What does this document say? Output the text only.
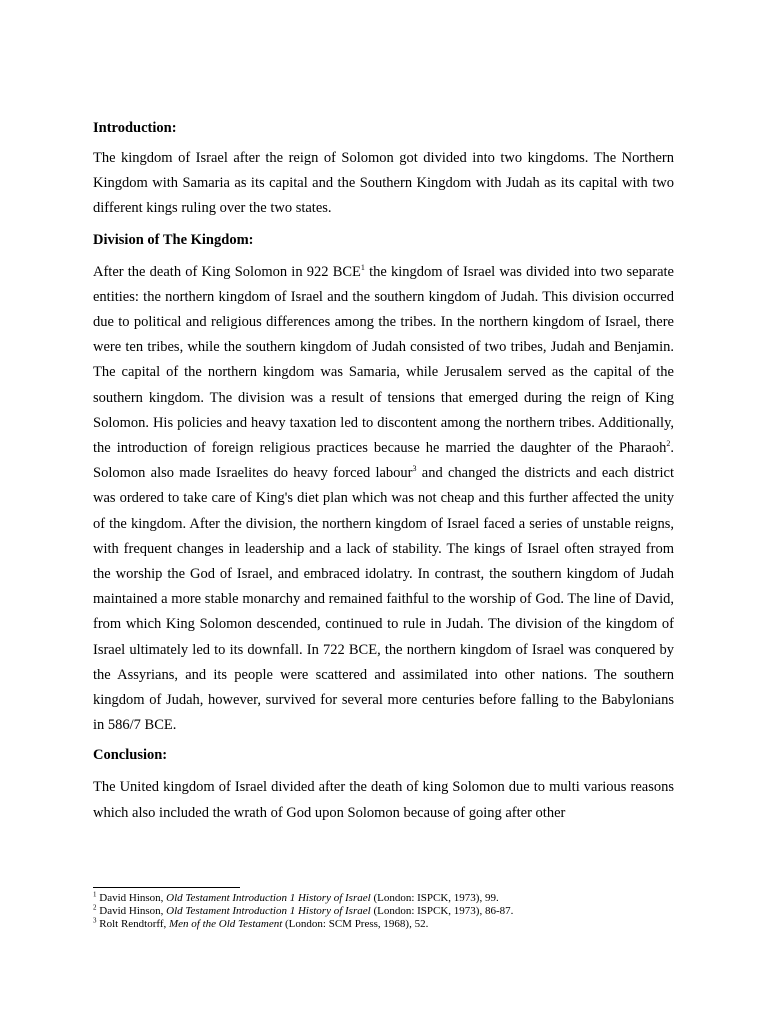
Introduction:

The kingdom of Israel after the reign of Solomon got divided into two kingdoms. The Northern Kingdom with Samaria as its capital and the Southern Kingdom with Judah as its capital with two different kings ruling over the two states.

Division of The Kingdom:

After the death of King Solomon in 922 BCE$^1$ the kingdom of Israel was divided into two separate entities: the northern kingdom of Israel and the southern kingdom of Judah. This division occurred due to political and religious differences among the tribes. In the northern kingdom of Israel, there were ten tribes, while the southern kingdom of Judah consisted of two tribes, Judah and Benjamin. The capital of the northern kingdom was Samaria, while Jerusalem served as the capital of the southern kingdom. The division was a result of tensions that emerged during the reign of King Solomon. His policies and heavy taxation led to discontent among the northern tribes. Additionally, the introduction of foreign religious practices because he married the daughter of the Pharaoh$^2$. Solomon also made Israelites do heavy forced labour$^3$ and changed the districts and each district was ordered to take care of King's diet plan which was not cheap and this further affected the unity of the kingdom. After the division, the northern kingdom of Israel faced a series of unstable reigns, with frequent changes in leadership and a lack of stability. The kings of Israel often strayed from the worship the God of Israel, and embraced idolatry. In contrast, the southern kingdom of Judah maintained a more stable monarchy and remained faithful to the worship of God. The line of David, from which King Solomon descended, continued to rule in Judah. The division of the kingdom of Israel ultimately led to its downfall. In 722 BCE, the northern kingdom of Israel was conquered by the Assyrians, and its people were scattered and assimilated into other nations. The southern kingdom of Judah, however, survived for several more centuries before falling to the Babylonians in 586/7 BCE.

Conclusion:

The United kingdom of Israel divided after the death of king Solomon due to multi various reasons which also included the wrath of God upon Solomon because of going after other

$^1$ David Hinson, Old Testament Introduction 1 History of Israel (London: ISPCK, 1973), 99.
$^2$ David Hinson, Old Testament Introduction 1 History of Israel (London: ISPCK, 1973), 86-87.
$^3$ Rolt Rendtorff, Men of the Old Testament (London: SCM Press, 1968), 52.
